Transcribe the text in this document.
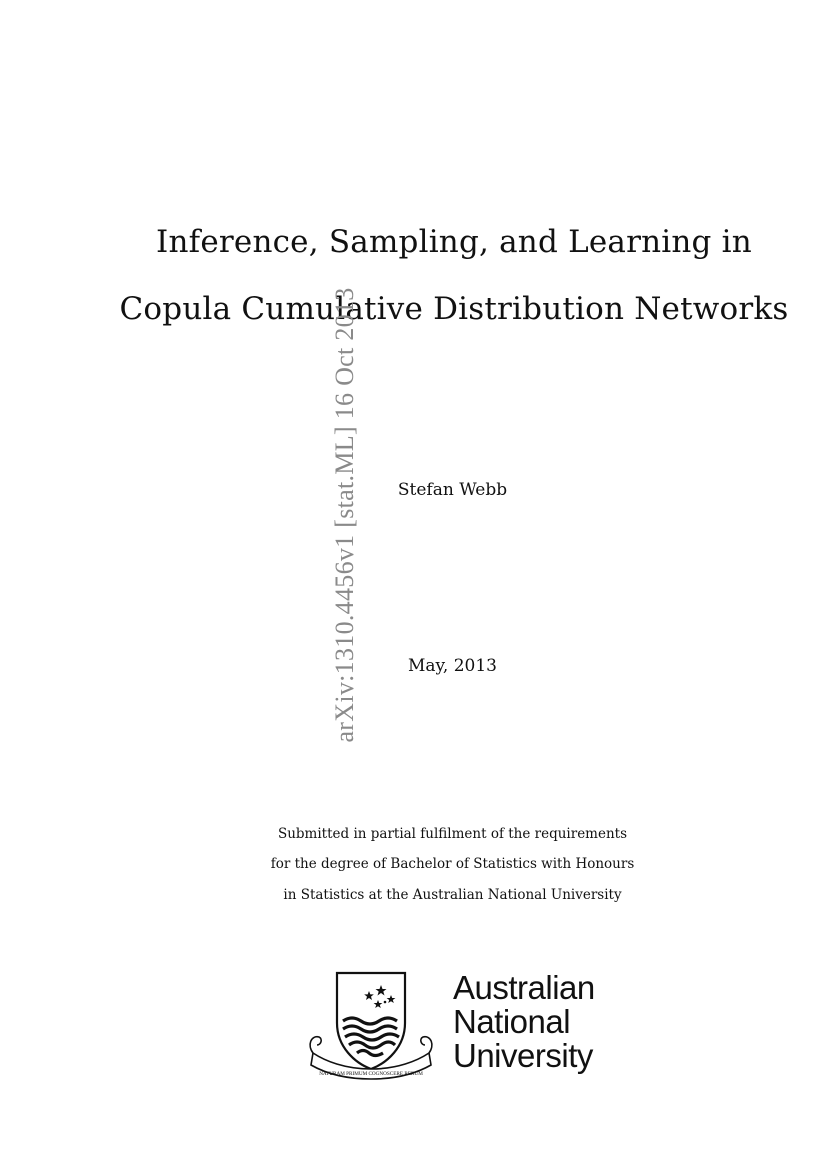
Inference, Sampling, and Learning in
Copula Cumulative Distribution Networks
arXiv:1310.4456v1 [stat.ML] 16 Oct 2013	Stefan Webb
May, 2013
Submitted in partial fulfilment of the requirements
for the degree of Bachelor of Statistics with Honours
in Statistics at the Australian National University
NATURAM PRIMUM COGNOSCERE RERUM
Australian
National
University
